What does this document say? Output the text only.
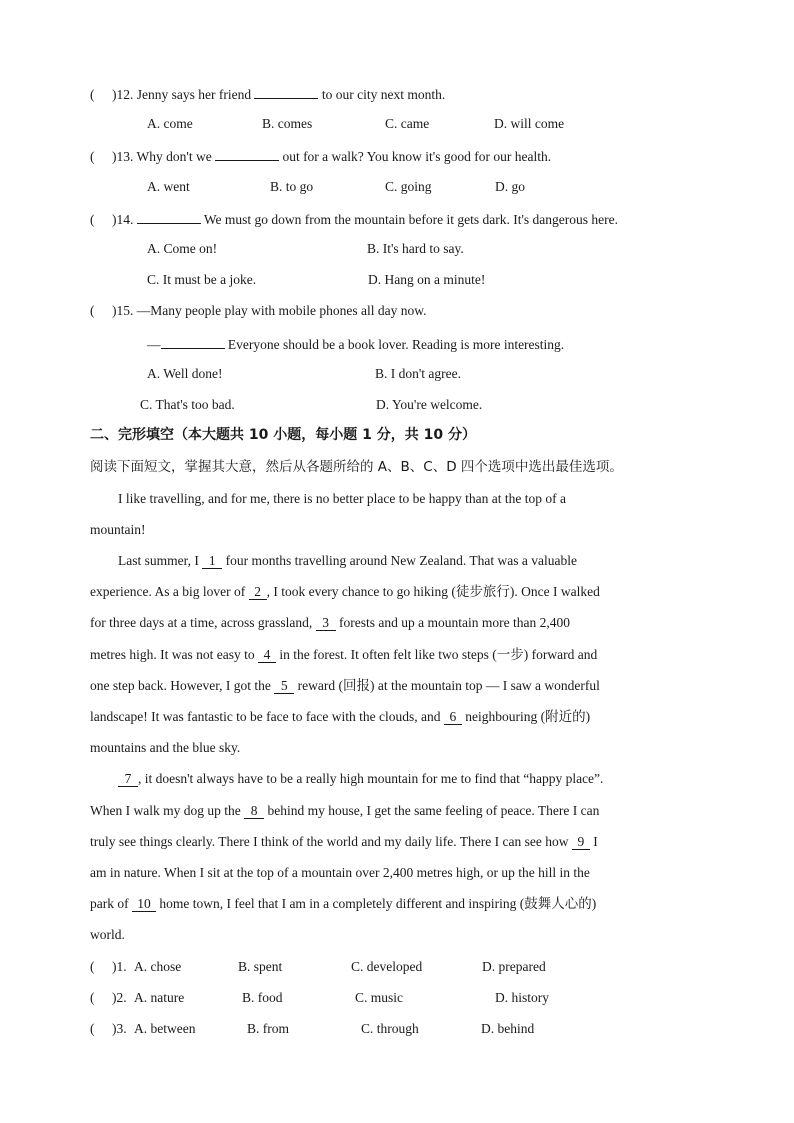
( )12. Jenny says her friend	to our city next month.
A. come	B. comes	C. came	D. will come
( )13. Why don't we	out for a walk? You know it's good for our health.
A. went	B. to go	C. going	D. go
( )14.	We must go down from the mountain before it gets dark. It's dangerous here.
A. Come on!	B. It's hard to say.
C. It must be a joke.	D. Hang on a minute!
( )15. —Many people play with mobile phones all day now.
—	Everyone should be a book lover. Reading is more interesting.
A. Well done!	B. I don't agree.
C. That's too bad.	D. You're welcome.
二、完形填空（本大题共 10 小题，每小题 1 分，共 10 分）
阅读下面短文，掌握其大意，然后从各题所给的 A、B、C、D 四个选项中选出最佳选项。
I like travelling, and for me, there is no better place to be happy than at the top of a
mountain!
Last summer, I 1 four months travelling around New Zealand. That was a valuable
experience. As a big lover of 2 , I took every chance to go hiking (徒步旅行). Once I walked
for three days at a time, across grassland, 3 forests and up a mountain more than 2,400
metres high. It was not easy to 4 in the forest. It often felt like two steps (一步) forward and
one step back. However, I got the 5 reward (回报) at the mountain top — I saw a wonderful
landscape! It was fantastic to be face to face with the clouds, and 6 neighbouring (附近的)
mountains and the blue sky.
7 , it doesn't always have to be a really high mountain for me to find that “happy place”.
When I walk my dog up the 8 behind my house, I get the same feeling of peace. There I can
truly see things clearly. There I think of the world and my daily life. There I can see how 9 I
am in nature. When I sit at the top of a mountain over 2,400 metres high, or up the hill in the
park of 10 home town, I feel that I am in a completely different and inspiring (鼓舞人心的)
world.
( )1. A. chose	B. spent	C. developed	D. prepared
( )2. A. nature	B. food	C. music	D. history
( )3. A. between	B. from	C. through	D. behind
